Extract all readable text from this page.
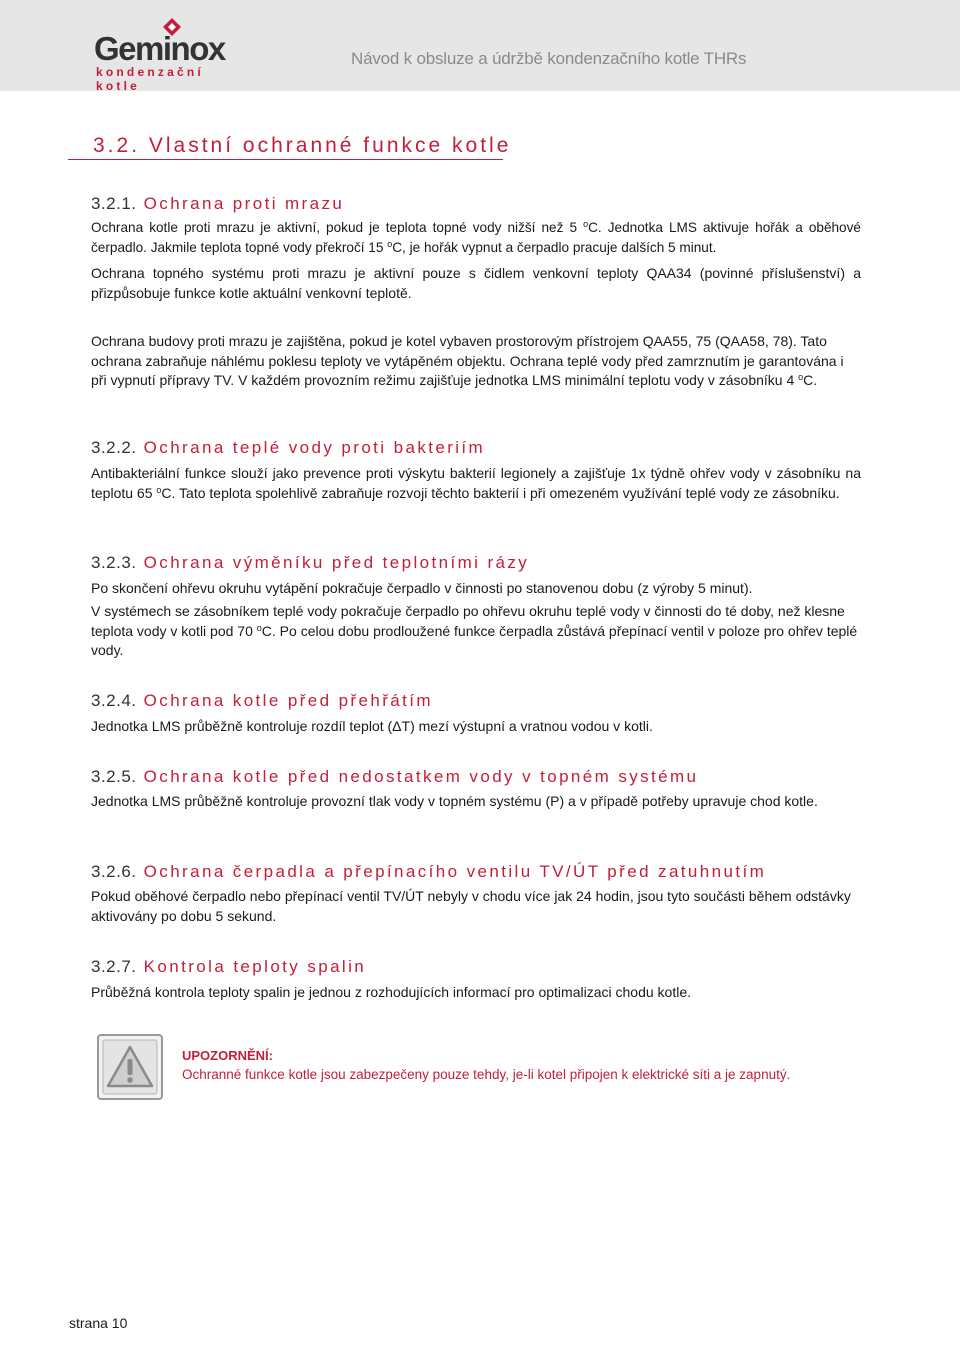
Geminox
kondenzační kotle
Návod k obsluze a údržbě kondenzačního kotle THRs
3.2. Vlastní ochranné funkce kotle
3.2.1. Ochrana proti mrazu

Ochrana kotle proti mrazu je aktivní, pokud je teplota topné vody nižší než 5 $^o$C. Jednotka LMS aktivuje hořák a oběhové čerpadlo. Jakmile teplota topné vody překročí 15 $^o$C, je hořák vypnut a čerpadlo pracuje dalších 5 minut.

Ochrana topného systému proti mrazu je aktivní pouze s čidlem venkovní teploty QAA34 (povinné příslušenství) a přizpůsobuje funkce kotle aktuální venkovní teplotě.

Ochrana budovy proti mrazu je zajištěna, pokud je kotel vybaven prostorovým přístrojem QAA55, 75 (QAA58, 78). Tato ochrana zabraňuje náhlému poklesu teploty ve vytápěném objektu. Ochrana teplé vody před zamrznutím je garantována i při vypnutí přípravy TV. V každém provozním režimu zajišťuje jednotka LMS minimální teplotu vody v zásobníku 4 $^o$C.

3.2.2. Ochrana teplé vody proti bakteriím

Antibakteriální funkce slouží jako prevence proti výskytu bakterií legionely a zajišťuje 1x týdně ohřev vody v zásobníku na teplotu 65 $^o$C. Tato teplota spolehlivě zabraňuje rozvoji těchto bakterií i při omezeném využívání teplé vody ze zásobníku.

3.2.3. Ochrana výměníku před teplotními rázy

Po skončení ohřevu okruhu vytápění pokračuje čerpadlo v činnosti po stanovenou dobu (z výroby 5 minut).

V systémech se zásobníkem teplé vody pokračuje čerpadlo po ohřevu okruhu teplé vody v činnosti do té doby, než klesne teplota vody v kotli pod 70 $^o$C. Po celou dobu prodloužené funkce čerpadla zůstává přepínací ventil v poloze pro ohřev teplé vody.

3.2.4. Ochrana kotle před přehřátím

Jednotka LMS průběžně kontroluje rozdíl teplot (ΔT) mezí výstupní a vratnou vodou v kotli.

3.2.5. Ochrana kotle před nedostatkem vody v topném systému

Jednotka LMS průběžně kontroluje provozní tlak vody v topném systému (P) a v případě potřeby upravuje chod kotle.

3.2.6. Ochrana čerpadla a přepínacího ventilu TV/ÚT před zatuhnutím

Pokud oběhové čerpadlo nebo přepínací ventil TV/ÚT nebyly v chodu více jak 24 hodin, jsou tyto součásti během odstávky aktivovány po dobu 5 sekund.

3.2.7. Kontrola teploty spalin

Průběžná kontrola teploty spalin je jednou z rozhodujících informací pro optimalizaci chodu kotle.

UPOZORNĚNÍ:
Ochranné funkce kotle jsou zabezpečeny pouze tehdy, je-li kotel připojen k elektrické síti a je zapnutý.
strana 10
